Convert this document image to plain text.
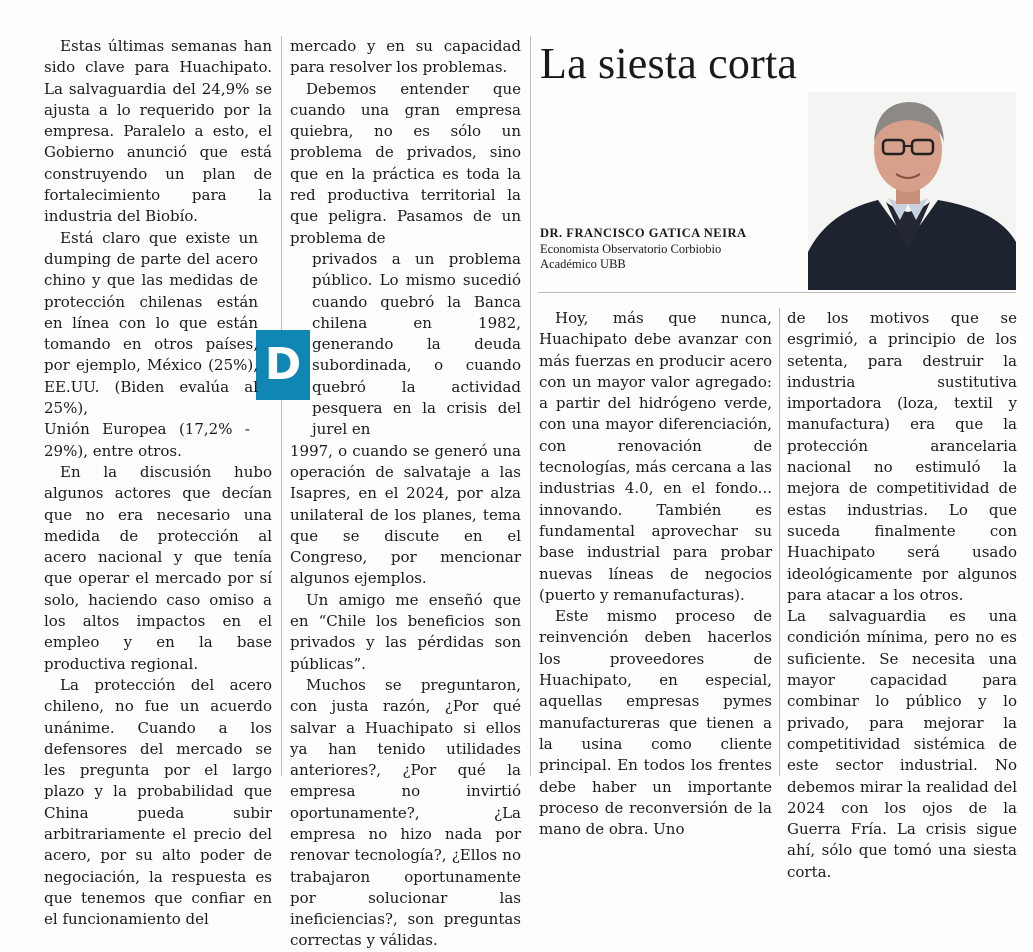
La siesta corta
DR. FRANCISCO GATICA NEIRA
Economista Observatorio Corbiobio
Académico UBB
D

Estas últimas semanas han sido clave para Huachipato. La salvaguardia del 24,9% se ajusta a lo requerido por la empresa. Paralelo a esto, el Gobierno anunció que está construyendo un plan de fortalecimiento para la industria del Biobío.

Está claro que existe un dumping de parte del acero chino y que las medidas de protección chilenas están en línea con lo que están tomando en otros países, por ejemplo, México (25%), EE.UU. (Biden evalúa al 25%),

Unión Europea (17,2% - 29%), entre otros.

En la discusión hubo algunos actores que decían que no era necesario una medida de protección al acero nacional y que tenía que operar el mercado por sí solo, haciendo caso omiso a los altos impactos en el empleo y en la base productiva regional.

La protección del acero chileno, no fue un acuerdo unánime. Cuando a los defensores del mercado se les pregunta por el largo plazo y la probabilidad que China pueda subir arbitrariamente el precio del acero, por su alto poder de negociación, la respuesta es que tenemos que confiar en el funcionamiento del

mercado y en su capacidad para resolver los problemas.

Debemos entender que cuando una gran empresa quiebra, no es sólo un problema de privados, sino que en la práctica es toda la red productiva territorial la que peligra. Pasamos de un problema de

privados a un problema público. Lo mismo sucedió cuando quebró la Banca chilena en 1982, generando la deuda subordinada, o cuando quebró la actividad pesquera en la crisis del jurel en

1997, o cuando se generó una operación de salvataje a las Isapres, en el 2024, por alza unilateral de los planes, tema que se discute en el Congreso, por mencionar algunos ejemplos.

Un amigo me enseñó que en “Chile los beneficios son privados y las pérdidas son públicas”.

Muchos se preguntaron, con justa razón, ¿Por qué salvar a Huachipato si ellos ya han tenido utilidades anteriores?, ¿Por qué la empresa no invirtió oportunamente?, ¿La empresa no hizo nada por renovar tecnología?, ¿Ellos no trabajaron oportunamente por solucionar las ineficiencias?, son preguntas correctas y válidas.

Hoy, más que nunca, Huachipato debe avanzar con más fuerzas en producir acero con un mayor valor agregado: a partir del hidrógeno verde, con una mayor diferenciación, con renovación de tecnologías, más cercana a las industrias 4.0, en el fondo... innovando. También es fundamental aprovechar su base industrial para probar nuevas líneas de negocios (puerto y remanufacturas).

Este mismo proceso de reinvención deben hacerlos los proveedores de Huachipato, en especial, aquellas empresas pymes manufactureras que tienen a la usina como cliente principal. En todos los frentes debe haber un importante proceso de reconversión de la mano de obra. Uno

de los motivos que se esgrimió, a principio de los setenta, para destruir la industria sustitutiva importadora (loza, textil y manufactura) era que la protección arancelaria nacional no estimuló la mejora de competitividad de estas industrias. Lo que suceda finalmente con Huachipato será usado ideológicamente por algunos para atacar a los otros.

La salvaguardia es una condición mínima, pero no es suficiente. Se necesita una mayor capacidad para combinar lo público y lo privado, para mejorar la competitividad sistémica de este sector industrial. No debemos mirar la realidad del 2024 con los ojos de la Guerra Fría. La crisis sigue ahí, sólo que tomó una siesta corta.
